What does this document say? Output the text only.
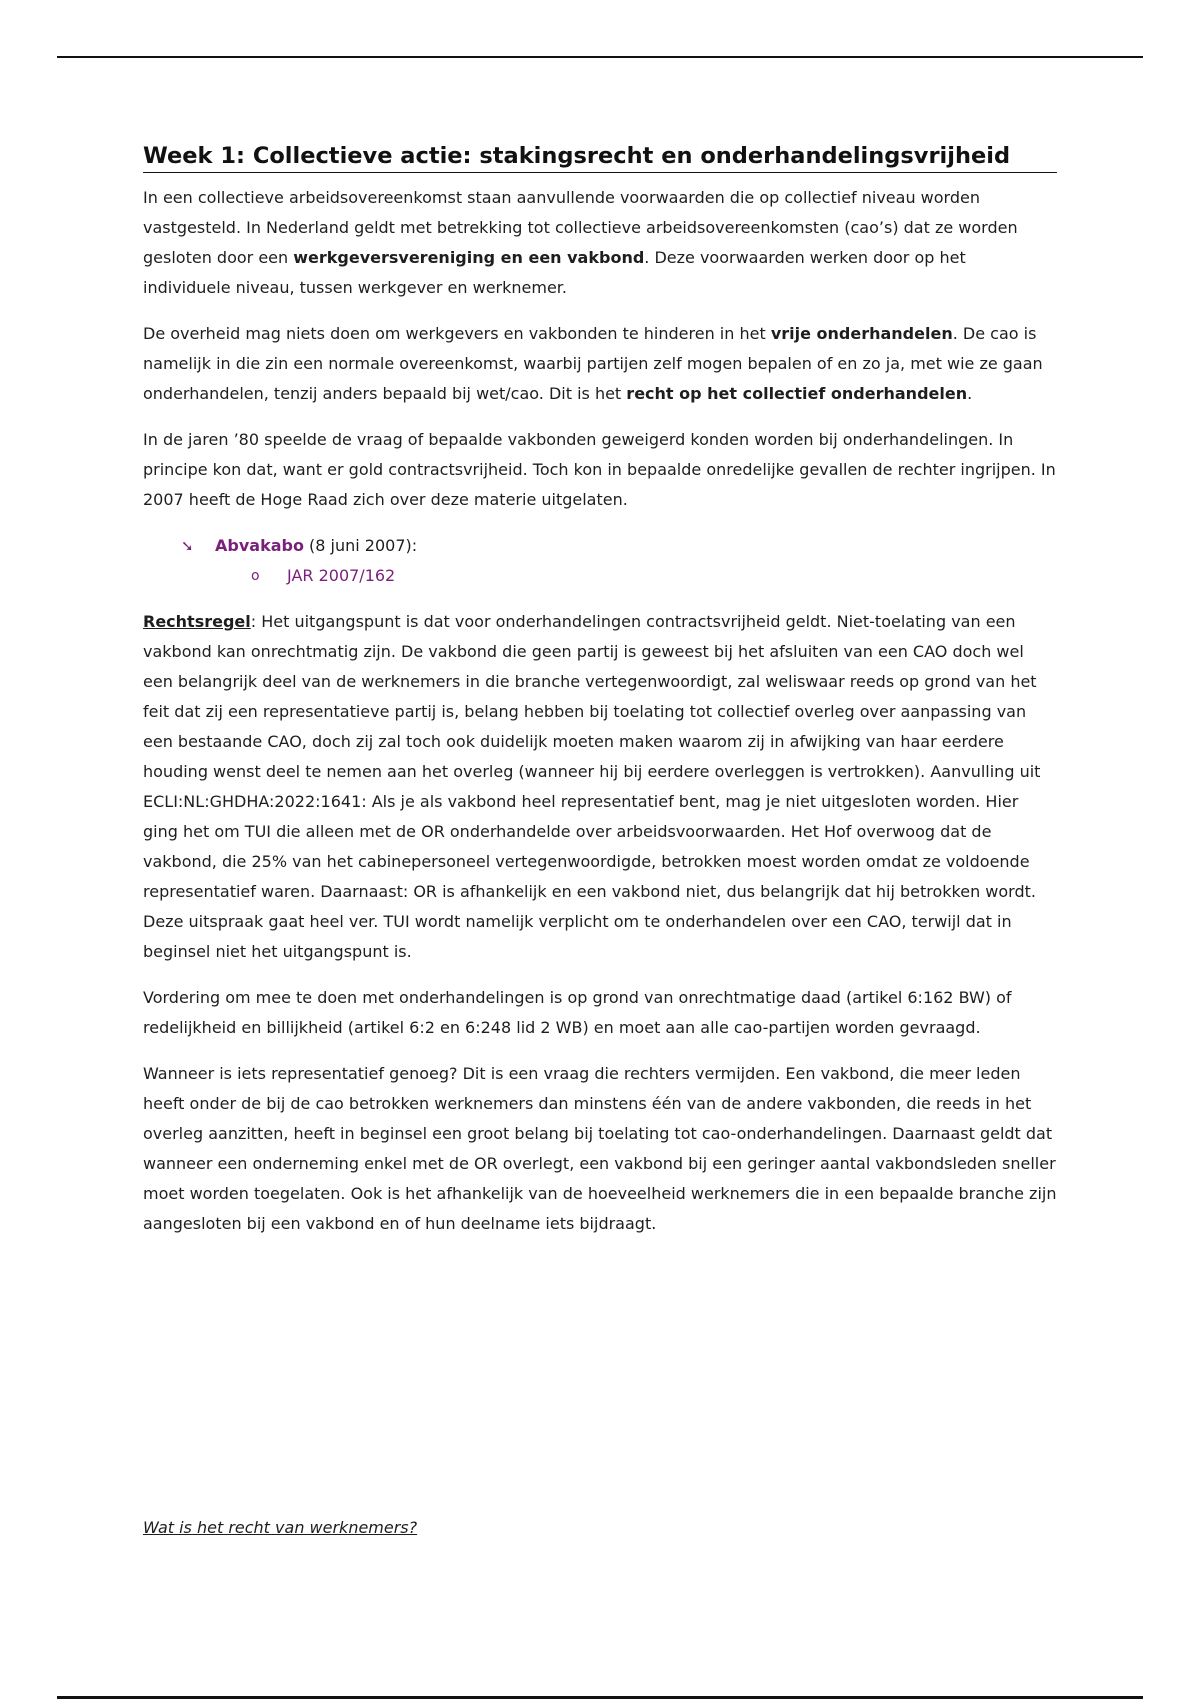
Week 1: Collectieve actie: stakingsrecht en onderhandelingsvrijheid

In een collectieve arbeidsovereenkomst staan aanvullende voorwaarden die op collectief niveau worden vastgesteld. In Nederland geldt met betrekking tot collectieve arbeidsovereenkomsten (cao’s) dat ze worden gesloten door een werkgeversvereniging en een vakbond. Deze voorwaarden werken door op het individuele niveau, tussen werkgever en werknemer.

De overheid mag niets doen om werkgevers en vakbonden te hinderen in het vrije onderhandelen. De cao is namelijk in die zin een normale overeenkomst, waarbij partijen zelf mogen bepalen of en zo ja, met wie ze gaan onderhandelen, tenzij anders bepaald bij wet/cao. Dit is het recht op het collectief onderhandelen.

In de jaren ’80 speelde de vraag of bepaalde vakbonden geweigerd konden worden bij onderhandelingen. In principe kon dat, want er gold contractsvrijheid. Toch kon in bepaalde onredelijke gevallen de rechter ingrijpen. In 2007 heeft de Hoge Raad zich over deze materie uitgelaten.

➘	Abvakabo (8 juni 2007):
o JAR 2007/162

Rechtsregel: Het uitgangspunt is dat voor onderhandelingen contractsvrijheid geldt. Niet-toelating van een vakbond kan onrechtmatig zijn. De vakbond die geen partij is geweest bij het afsluiten van een CAO doch wel een belangrijk deel van de werknemers in die branche vertegenwoordigt, zal weliswaar reeds op grond van het feit dat zij een representatieve partij is, belang hebben bij toelating tot collectief overleg over aanpassing van een bestaande CAO, doch zij zal toch ook duidelijk moeten maken waarom zij in afwijking van haar eerdere houding wenst deel te nemen aan het overleg (wanneer hij bij eerdere overleggen is vertrokken). Aanvulling uit ECLI:NL:GHDHA:2022:1641: Als je als vakbond heel representatief bent, mag je niet uitgesloten worden. Hier ging het om TUI die alleen met de OR onderhandelde over arbeidsvoorwaarden. Het Hof overwoog dat de vakbond, die 25% van het cabinepersoneel vertegenwoordigde, betrokken moest worden omdat ze voldoende representatief waren. Daarnaast: OR is afhankelijk en een vakbond niet, dus belangrijk dat hij betrokken wordt. Deze uitspraak gaat heel ver. TUI wordt namelijk verplicht om te onderhandelen over een CAO, terwijl dat in beginsel niet het uitgangspunt is.

Vordering om mee te doen met onderhandelingen is op grond van onrechtmatige daad (artikel 6:162 BW) of redelijkheid en billijkheid (artikel 6:2 en 6:248 lid 2 WB) en moet aan alle cao-partijen worden gevraagd.

Wanneer is iets representatief genoeg? Dit is een vraag die rechters vermijden. Een vakbond, die meer leden heeft onder de bij de cao betrokken werknemers dan minstens één van de andere vakbonden, die reeds in het overleg aanzitten, heeft in beginsel een groot belang bij toelating tot cao-onderhandelingen. Daarnaast geldt dat wanneer een onderneming enkel met de OR overlegt, een vakbond bij een geringer aantal vakbondsleden sneller moet worden toegelaten. Ook is het afhankelijk van de hoeveelheid werknemers die in een bepaalde branche zijn aangesloten bij een vakbond en of hun deelname iets bijdraagt.

Wat is het recht van werknemers?
